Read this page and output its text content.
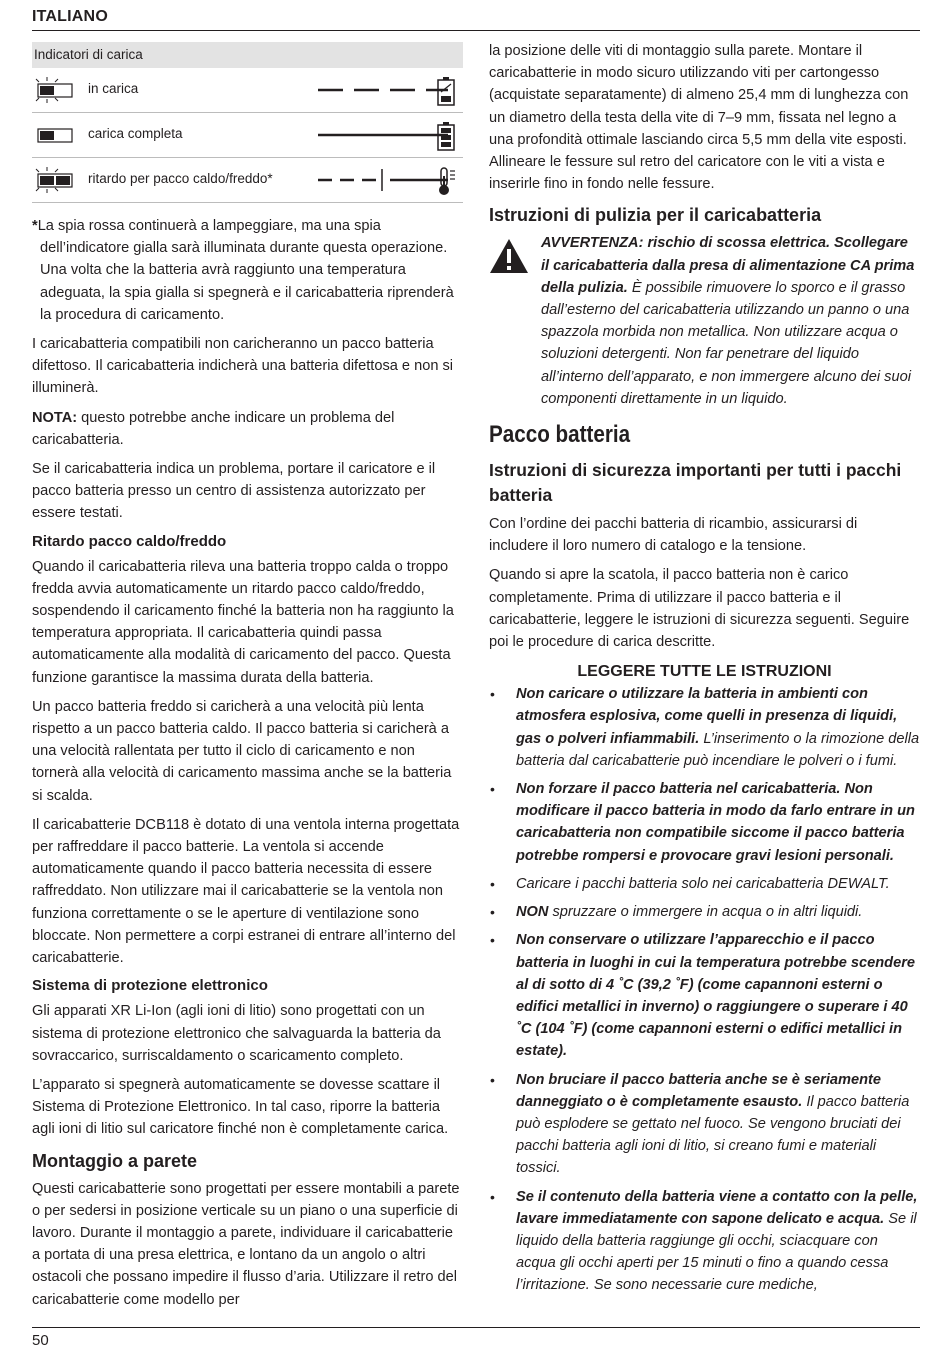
ITALIANO
Indicatori di carica
in carica
carica completa
ritardo per pacco caldo/freddo*

*La spia rossa continuerà a lampeggiare, ma una spia dell’indicatore gialla sarà illuminata durante questa operazione. Una volta che la batteria avrà raggiunto una temperatura adeguata, la spia gialla si spegnerà e il caricabatteria riprenderà la procedura di caricamento.

I caricabatteria compatibili non caricheranno un pacco batteria difettoso. Il caricabatteria indicherà una batteria difettosa e non si illuminerà.

NOTA: questo potrebbe anche indicare un problema del caricabatteria.

Se il caricabatteria indica un problema, portare il caricatore e il pacco batteria presso un centro di assistenza autorizzato per essere testati.

Ritardo pacco caldo/freddo

Quando il caricabatteria rileva una batteria troppo calda o troppo fredda avvia automaticamente un ritardo pacco caldo/freddo, sospendendo il caricamento finché la batteria non ha raggiunto la temperatura appropriata. Il caricabatteria quindi passa automaticamente alla modalità di caricamento del pacco. Questa funzione garantisce la massima durata della batteria.

Un pacco batteria freddo si caricherà a una velocità più lenta rispetto a un pacco batteria caldo. Il pacco batteria si caricherà a una velocità rallentata per tutto il ciclo di caricamento e non tornerà alla velocità di caricamento massima anche se la batteria si scalda.

Il caricabatterie DCB118 è dotato di una ventola interna progettata per raffreddare il pacco batterie. La ventola si accende automaticamente quando il pacco batteria necessita di essere raffreddato. Non utilizzare mai il caricabatterie se la ventola non funziona correttamente o se le aperture di ventilazione sono bloccate. Non permettere a corpi estranei di entrare all’interno del caricabatterie.

Sistema di protezione elettronico

Gli apparati XR Li-Ion (agli ioni di litio) sono progettati con un sistema di protezione elettronico che salvaguarda la batteria da sovraccarico, surriscaldamento o scaricamento completo.

L’apparato si spegnerà automaticamente se dovesse scattare il Sistema di Protezione Elettronico. In tal caso, riporre la batteria agli ioni di litio sul caricatore finché non è completamente carica.

Montaggio a parete

Questi caricabatterie sono progettati per essere montabili a parete o per sedersi in posizione verticale su un piano o una superficie di lavoro. Durante il montaggio a parete, individuare il caricabatterie a portata di una presa elettrica, e lontano da un angolo o altri ostacoli che possano impedire il flusso d’aria. Utilizzare il retro del caricabatterie come modello per

la posizione delle viti di montaggio sulla parete. Montare il caricabatterie in modo sicuro utilizzando viti per cartongesso (acquistate separatamente) di almeno 25,4 mm di lunghezza con un diametro della testa della vite di 7–9 mm, fissata nel legno a una profondità ottimale lasciando circa 5,5 mm della vite esposti. Allineare le fessure sul retro del caricatore con le viti a vista e inserirle fino in fondo nelle fessure.

Istruzioni di pulizia per il caricabatteria

AVVERTENZA: rischio di scossa elettrica. Scollegare il caricabatteria dalla presa di alimentazione CA prima della pulizia. È possibile rimuovere lo sporco e il grasso dall’esterno del caricabatteria utilizzando un panno o una spazzola morbida non metallica. Non utilizzare acqua o soluzioni detergenti. Non far penetrare del liquido all’interno dell’apparato, e non immergere alcuno dei suoi componenti direttamente in un liquido.

Pacco batteria
Istruzioni di sicurezza importanti per tutti i pacchi batteria

Con l’ordine dei pacchi batteria di ricambio, assicurarsi di includere il loro numero di catalogo e la tensione.

Quando si apre la scatola, il pacco batteria non è carico completamente. Prima di utilizzare il pacco batteria e il caricabatterie, leggere le istruzioni di sicurezza seguenti. Seguire poi le procedure di carica descritte.

LEGGERE TUTTE LE ISTRUZIONI
• Non caricare o utilizzare la batteria in ambienti con atmosfera esplosiva, come quelli in presenza di liquidi, gas o polveri infiammabili. L’inserimento o la rimozione della batteria dal caricabatterie può incendiare le polveri o i fumi.
• Non forzare il pacco batteria nel caricabatteria. Non modificare il pacco batteria in modo da farlo entrare in un caricabatteria non compatibile siccome il pacco batteria potrebbe rompersi e provocare gravi lesioni personali.
• Caricare i pacchi batteria solo nei caricabatteria DEWALT.
• NON spruzzare o immergere in acqua o in altri liquidi.
• Non conservare o utilizzare l’apparecchio e il pacco batteria in luoghi in cui la temperatura potrebbe scendere al di sotto di 4 ˚C (39,2 ˚F) (come capannoni esterni o edifici metallici in inverno) o raggiungere o superare i 40 ˚C (104 ˚F) (come capannoni esterni o edifici metallici in estate).
• Non bruciare il pacco batteria anche se è seriamente danneggiato o è completamente esausto. Il pacco batteria può esplodere se gettato nel fuoco. Se vengono bruciati dei pacchi batteria agli ioni di litio, si creano fumi e materiali tossici.
• Se il contenuto della batteria viene a contatto con la pelle, lavare immediatamente con sapone delicato e acqua. Se il liquido della batteria raggiunge gli occhi, sciacquare con acqua gli occhi aperti per 15 minuti o fino a quando cessa l’irritazione. Se sono necessarie cure mediche,
50
